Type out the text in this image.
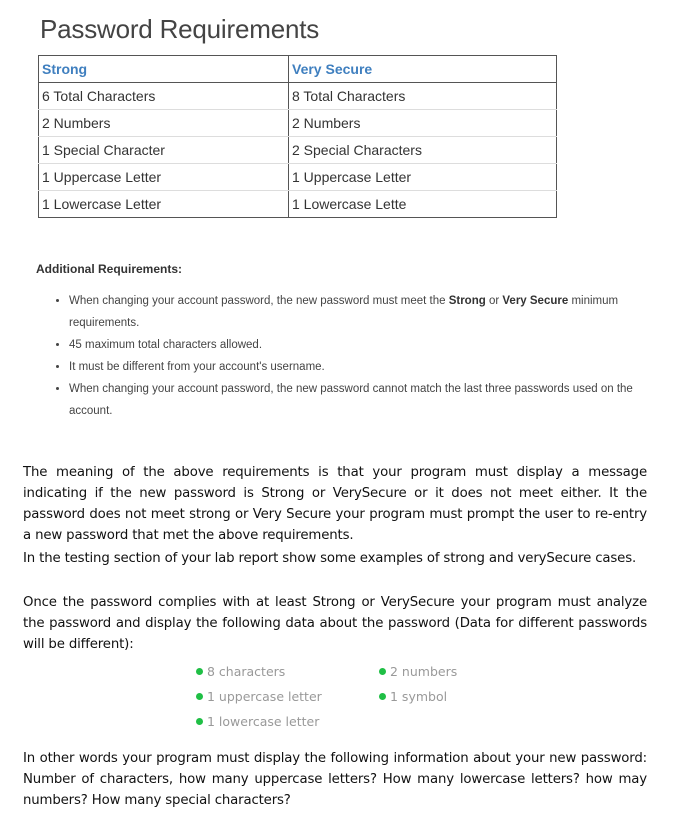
Password Requirements
Strong	Very Secure
6 Total Characters	8 Total Characters
2 Numbers	2 Numbers
1 Special Character	2 Special Characters
1 Uppercase Letter	1 Uppercase Letter
1 Lowercase Letter	1 Lowercase Lette

Additional Requirements:

• When changing your account password, the new password must meet the Strong or Very Secure minimum requirements.
• 45 maximum total characters allowed.
• It must be different from your account's username.
• When changing your account password, the new password cannot match the last three passwords used on the account.

The meaning of the above requirements is that your program must display a message indicating if the new password is Strong or VerySecure or it does not meet either. It the password does not meet strong or Very Secure your program must prompt the user to re-entry a new password that met the above requirements.

In the testing section of your lab report show some examples of strong and verySecure cases.

Once the password complies with at least Strong or VerySecure your program must analyze the password and display the following data about the password (Data for different passwords will be different):

8 characters
1 uppercase letter
1 lowercase letter
2 numbers
1 symbol

In other words your program must display the following information about your new password: Number of characters, how many uppercase letters? How many lowercase letters? how may numbers? How many special characters?
